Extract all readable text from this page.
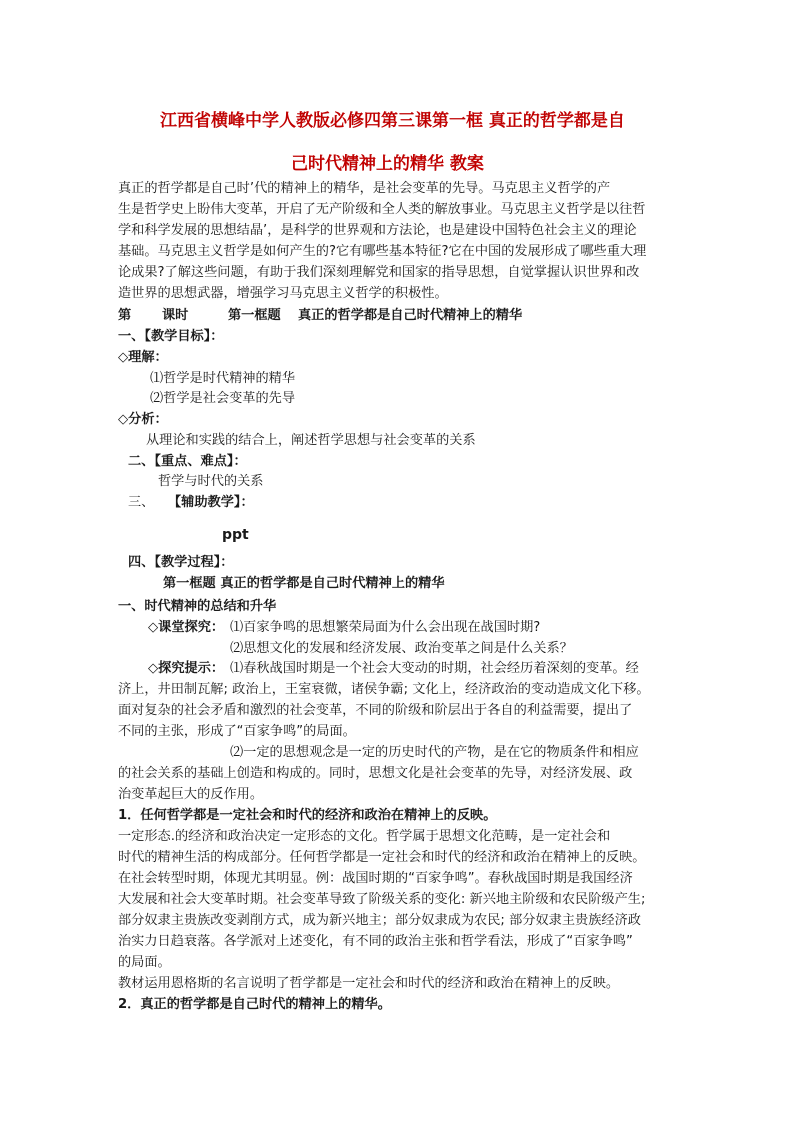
江西省横峰中学人教版必修四第三课第一框 真正的哲学都是自
己时代精神上的精华 教案
真正的哲学都是自己时’代的精神上的精华，是社会变革的先导。马克思主义哲学的产
生是哲学史上盼伟大变革，开启了无产阶级和全人类的解放事业。马克思主义哲学是以往哲
学和科学发展的思想结晶’，是科学的世界观和方法论，也是建设中国特色社会主义的理论
基础。马克思主义哲学是如何产生的?它有哪些基本特征?它在中国的发展形成了哪些重大理
论成果?了解这些问题，有助于我们深刻理解党和国家的指导思想，自觉掌握认识世界和改
造世界的思想武器，增强学习马克思主义哲学的积极性。
第 课时	第一框题 真正的哲学都是自己时代精神上的精华
一、【教学目标】：
◇理解：
⑴哲学是时代精神的精华
⑵哲学是社会变革的先导
◇分析：
从理论和实践的结合上，阐述哲学思想与社会变革的关系
二、【重点、难点】：
哲学与时代的关系
三、 【辅助教学】：
ppt
四、【教学过程】：
第一框题 真正的哲学都是自己时代精神上的精华
一、时代精神的总结和升华
◇课堂探究： ⑴百家争鸣的思想繁荣局面为什么会出现在战国时期?
⑵思想文化的发展和经济发展、政治变革之间是什么关系？
◇探究提示： ⑴春秋战国时期是一个社会大变动的时期，社会经历着深刻的变革。经
济上，井田制瓦解; 政治上，王室衰微，诸侯争霸; 文化上，经济政治的变动造成文化下移。
面对复杂的社会矛盾和激烈的社会变革，不同的阶级和阶层出于各自的利益需要，提出了
不同的主张，形成了“百家争鸣”的局面。
⑵一定的思想观念是一定的历史时代的产物，是在它的物质条件和相应
的社会关系的基础上创造和构成的。同时，思想文化是社会变革的先导，对经济发展、政
治变革起巨大的反作用。
1．任何哲学都是一定社会和时代的经济和政治在精神上的反映。
一定形态.的经济和政治决定一定形态的文化。哲学属于思想文化范畴，是一定社会和
时代的精神生活的构成部分。任何哲学都是一定社会和时代的经济和政治在精神上的反映。
在社会转型时期，体现尤其明显。例：战国时期的“百家争鸣”。春秋战国时期是我国经济
大发展和社会大变革时期。社会变革导致了阶级关系的变化: 新兴地主阶级和农民阶级产生;
部分奴隶主贵族改变剥削方式，成为新兴地主；部分奴隶成为农民; 部分奴隶主贵族经济政
治实力日趋衰落。各学派对上述变化，有不同的政治主张和哲学看法，形成了“百家争鸣”
的局面。
教材运用恩格斯的名言说明了哲学都是一定社会和时代的经济和政治在精神上的反映。
2．真正的哲学都是自己时代的精神上的精华。
